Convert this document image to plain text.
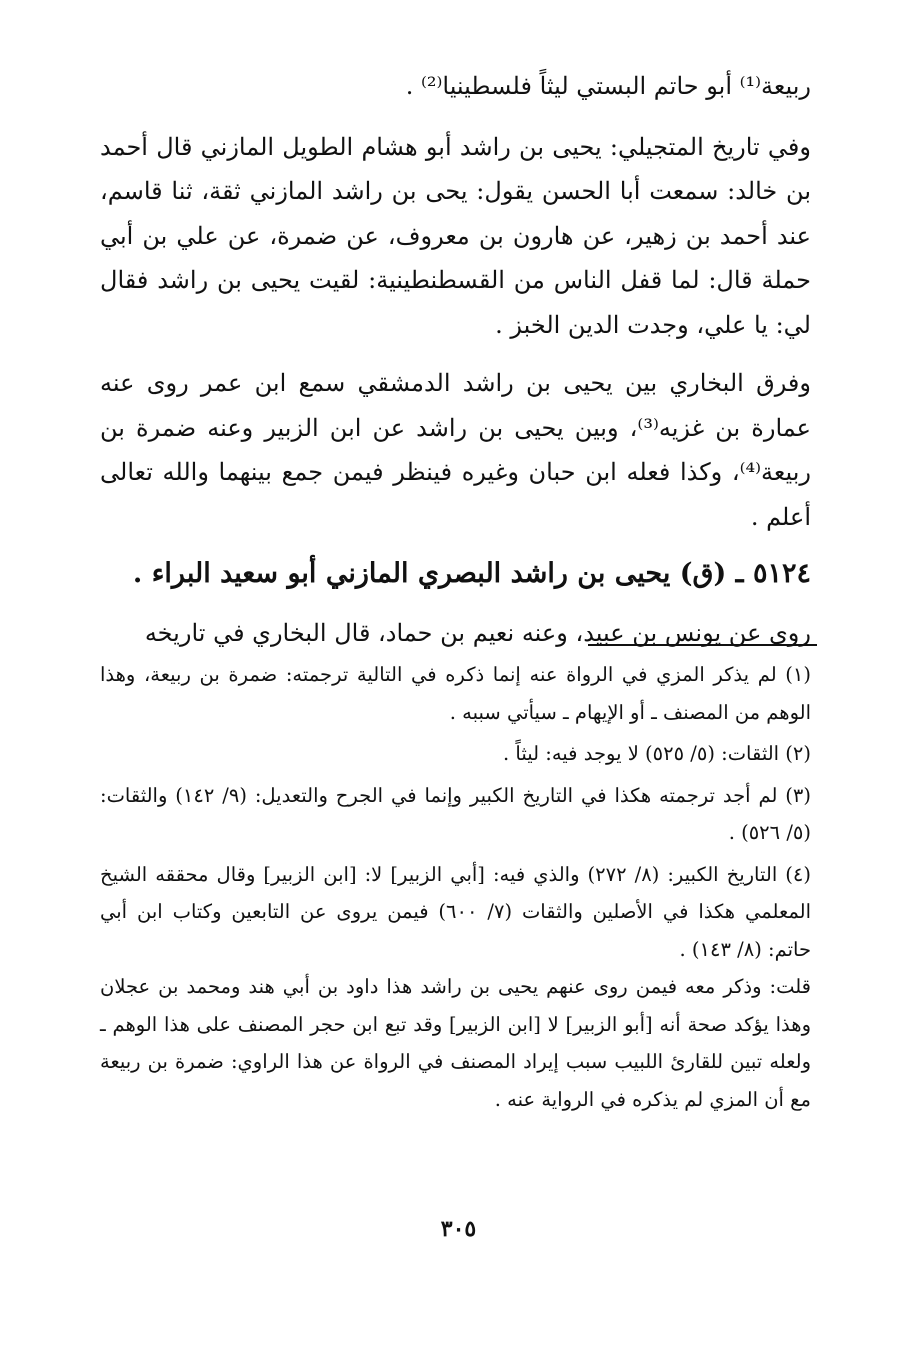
ربيعة⁽¹⁾ أبو حاتم البستي ليثاً فلسطينيا⁽²⁾ .

وفي تاريخ المتجيلي: يحيى بن راشد أبو هشام الطويل المازني قال أحمد بن خالد: سمعت أبا الحسن يقول: يحى بن راشد المازني ثقة، ثنا قاسم، عند أحمد بن زهير، عن هارون بن معروف، عن ضمرة، عن علي بن أبي حملة قال: لما قفل الناس من القسطنطينية: لقيت يحيى بن راشد فقال لي: يا علي، وجدت الدين الخبز .

وفرق البخاري بين يحيى بن راشد الدمشقي سمع ابن عمر روى عنه عمارة بن غزيه⁽³⁾، وبين يحيى بن راشد عن ابن الزبير وعنه ضمرة بن ربيعة⁽⁴⁾، وكذا فعله ابن حبان وغيره فينظر فيمن جمع بينهما والله تعالى أعلم .

٥١٢٤ ـ (ق) يحيى بن راشد البصري المازني أبو سعيد البراء .

روى عن يونس بن عبيد، وعنه نعيم بن حماد، قال البخاري في تاريخه

(١) لم يذكر المزي في الرواة عنه إنما ذكره في التالية ترجمته: ضمرة بن ربيعة، وهذا الوهم من المصنف ـ أو الإيهام ـ سيأتي سببه .

(٢) الثقات: (٥/ ٥٢٥) لا يوجد فيه: ليثاً .

(٣) لم أجد ترجمته هكذا في التاريخ الكبير وإنما في الجرح والتعديل: (٩/ ١٤٢) والثقات: (٥/ ٥٢٦) .

(٤) التاريخ الكبير: (٨/ ٢٧٢) والذي فيه: [أبي الزبير] لا: [ابن الزبير] وقال محققه الشيخ المعلمي هكذا في الأصلين والثقات (٧/ ٦٠٠) فيمن يروى عن التابعين وكتاب ابن أبي حاتم: (٨/ ١٤٣) .

قلت: وذكر معه فيمن روى عنهم يحيى بن راشد هذا داود بن أبي هند ومحمد بن عجلان وهذا يؤكد صحة أنه [أبو الزبير] لا [ابن الزبير] وقد تبع ابن حجر المصنف على هذا الوهم ـ ولعله تبين للقارئ اللبيب سبب إيراد المصنف في الرواة عن هذا الراوي: ضمرة بن ربيعة مع أن المزي لم يذكره في الرواية عنه .

٣٠٥
